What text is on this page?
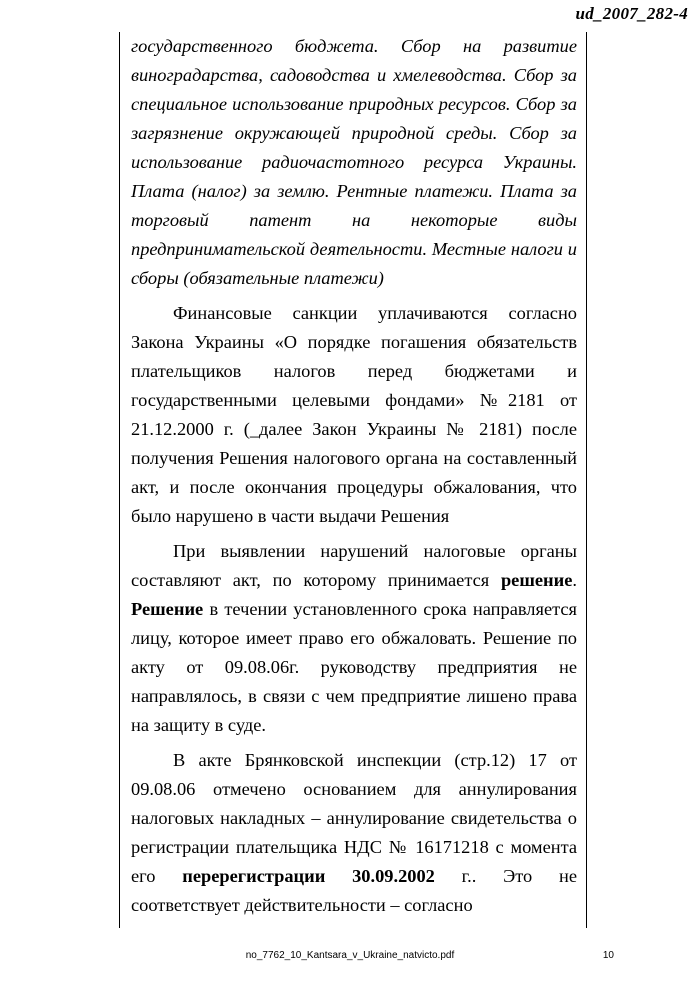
ud_2007_282-4

государственного бюджета. Сбор на развитие виноградарства, садоводства и хмелеводства. Сбор за специальное использование природных ресурсов. Сбор за загрязнение окружающей природной среды. Сбор за использование радиочастотного ресурса Украины. Плата (налог) за землю. Рентные платежи. Плата за торговый патент на некоторые виды предпринимательской деятельности. Местные налоги и сборы (обязательные платежи)

Финансовые санкции уплачиваются согласно Закона Украины «О порядке погашения обязательств плательщиков налогов перед бюджетами и государственными целевыми фондами» №2181 от 21.12.2000 г. (_далее Закон Украины № 2181) после получения Решения налогового органа на составленный акт, и после окончания процедуры обжалования, что было нарушено в части выдачи Решения

При выявлении нарушений налоговые органы составляют акт, по которому принимается решение. Решение в течении установленного срока направляется лицу, которое имеет право его обжаловать. Решение по акту от 09.08.06г. руководству предприятия не направлялось, в связи с чем предприятие лишено права на защиту в суде.

В акте Брянковской инспекции (стр.12) 17 от 09.08.06 отмечено основанием для аннулирования налоговых накладных – аннулирование свидетельства о регистрации плательщика НДС № 16171218 с момента его перерегистрации 30.09.2002 г.. Это не соответствует действительности – согласно

no_7762_10_Kantsara_v_Ukraine_natvicto.pdf	10
